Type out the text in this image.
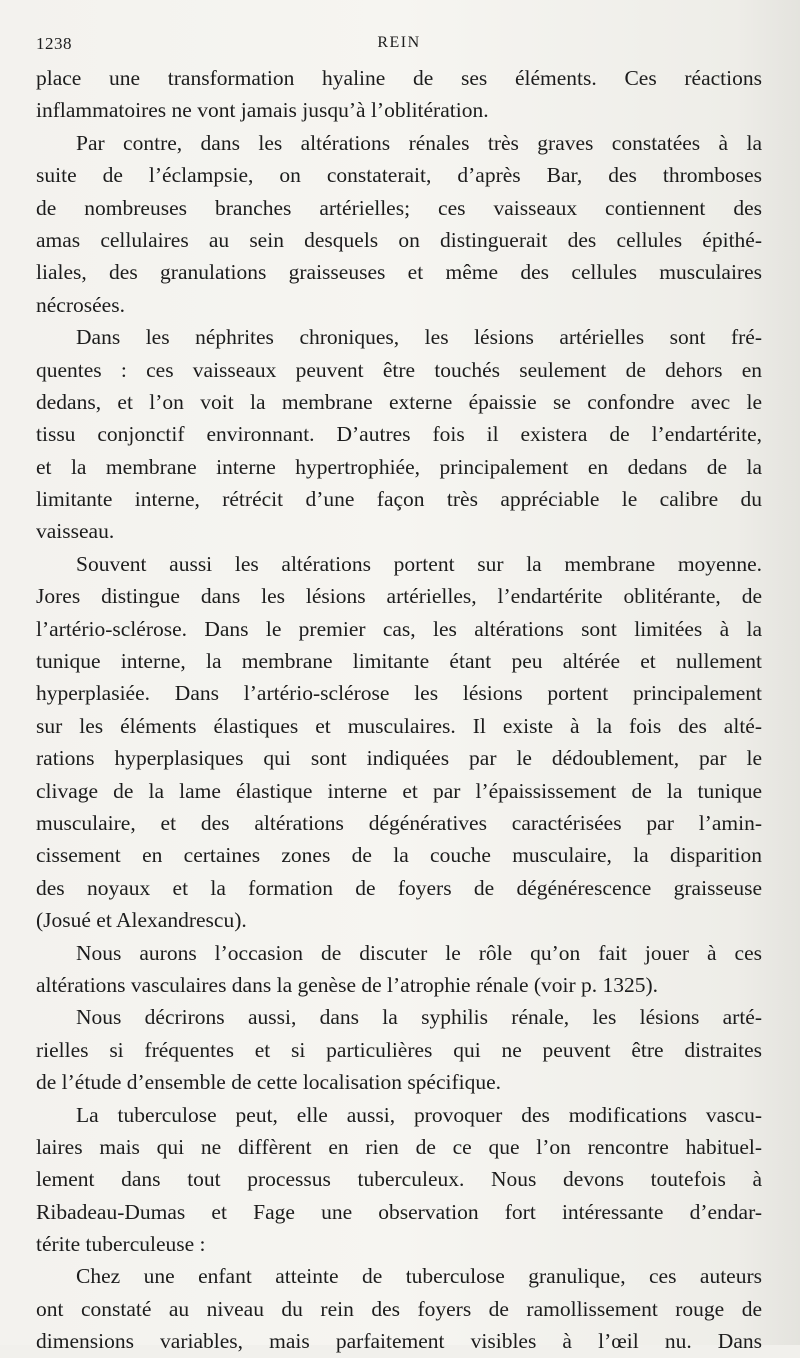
1238	REIN
place une transformation hyaline de ses éléments. Ces réactions
inflammatoires ne vont jamais jusqu’à l’oblitération.
Par contre, dans les altérations rénales très graves constatées à la
suite de l’éclampsie, on constaterait, d’après Bar, des thromboses
de nombreuses branches artérielles; ces vaisseaux contiennent des
amas cellulaires au sein desquels on distinguerait des cellules épithé-
liales, des granulations graisseuses et même des cellules musculaires
nécrosées.
Dans les néphrites chroniques, les lésions artérielles sont fré-
quentes : ces vaisseaux peuvent être touchés seulement de dehors en
dedans, et l’on voit la membrane externe épaissie se confondre avec le
tissu conjonctif environnant. D’autres fois il existera de l’endartérite,
et la membrane interne hypertrophiée, principalement en dedans de la
limitante interne, rétrécit d’une façon très appréciable le calibre du
vaisseau.
Souvent aussi les altérations portent sur la membrane moyenne.
Jores distingue dans les lésions artérielles, l’endartérite oblitérante, de
l’artério-sclérose. Dans le premier cas, les altérations sont limitées à la
tunique interne, la membrane limitante étant peu altérée et nullement
hyperplasiée. Dans l’artério-sclérose les lésions portent principalement
sur les éléments élastiques et musculaires. Il existe à la fois des alté-
rations hyperplasiques qui sont indiquées par le dédoublement, par le
clivage de la lame élastique interne et par l’épaississement de la tunique
musculaire, et des altérations dégénératives caractérisées par l’amin-
cissement en certaines zones de la couche musculaire, la disparition
des noyaux et la formation de foyers de dégénérescence graisseuse
(Josué et Alexandrescu).
Nous aurons l’occasion de discuter le rôle qu’on fait jouer à ces
altérations vasculaires dans la genèse de l’atrophie rénale (voir p. 1325).
Nous décrirons aussi, dans la syphilis rénale, les lésions arté-
rielles si fréquentes et si particulières qui ne peuvent être distraites
de l’étude d’ensemble de cette localisation spécifique.
La tuberculose peut, elle aussi, provoquer des modifications vascu-
laires mais qui ne diffèrent en rien de ce que l’on rencontre habituel-
lement dans tout processus tuberculeux. Nous devons toutefois à
Ribadeau-Dumas et Fage une observation fort intéressante d’endar-
térite tuberculeuse :
Chez une enfant atteinte de tuberculose granulique, ces auteurs
ont constaté au niveau du rein des foyers de ramollissement rouge de
dimensions variables, mais parfaitement visibles à l’œil nu. Dans
